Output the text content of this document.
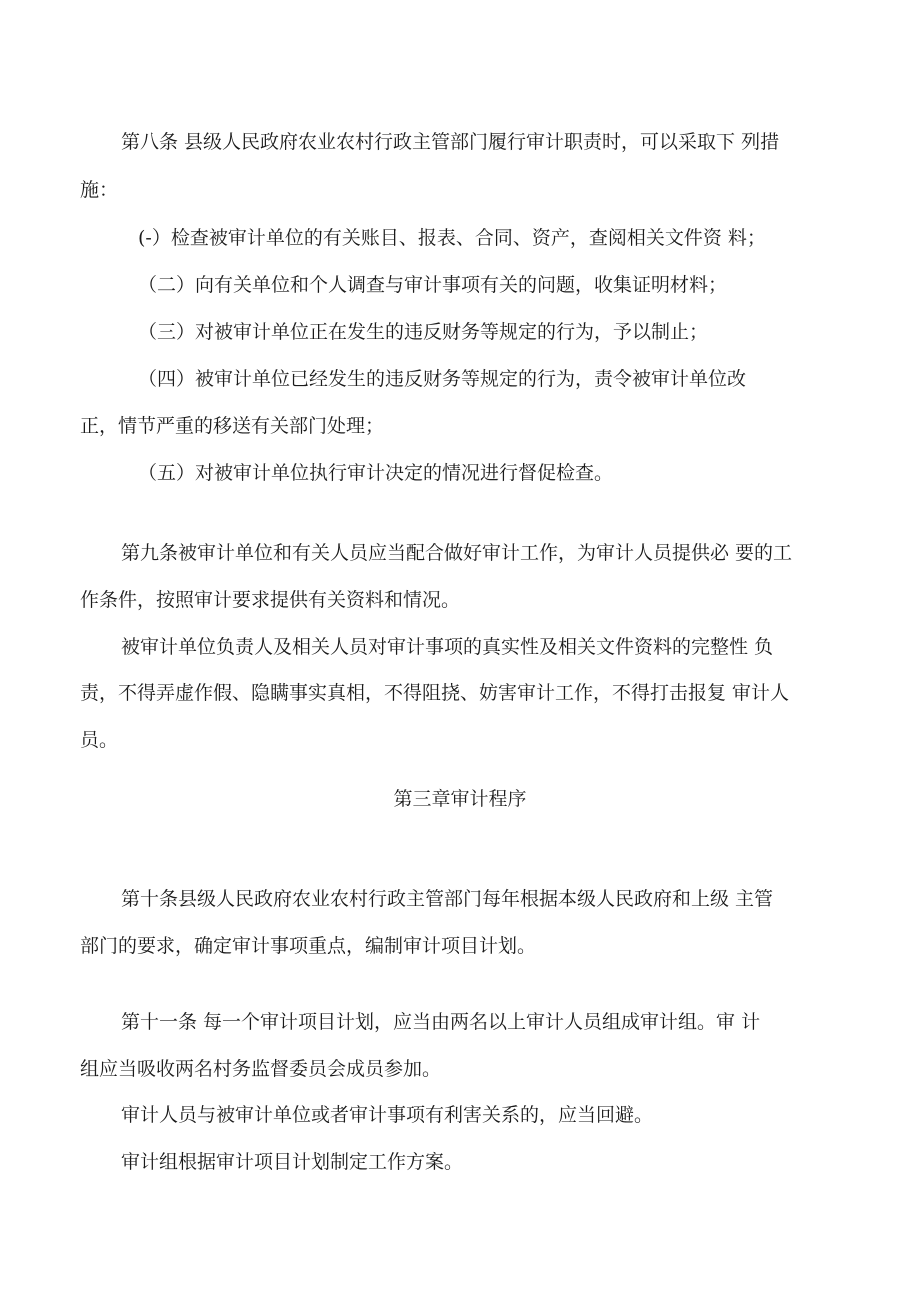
第八条 县级人民政府农业农村行政主管部门履行审计职责时，可以采取下 列措
施：
(-）检查被审计单位的有关账目、报表、合同、资产，查阅相关文件资 料；
（二）向有关单位和个人调查与审计事项有关的问题，收集证明材料；
（三）对被审计单位正在发生的违反财务等规定的行为，予以制止；
（四）被审计单位已经发生的违反财务等规定的行为，责令被审计单位改
正，情节严重的移送有关部门处理；
（五）对被审计单位执行审计决定的情况进行督促检查。
第九条被审计单位和有关人员应当配合做好审计工作，为审计人员提供必 要的工
作条件，按照审计要求提供有关资料和情况。
被审计单位负责人及相关人员对审计事项的真实性及相关文件资料的完整性 负
责，不得弄虚作假、隐瞒事实真相，不得阻挠、妨害审计工作，不得打击报复 审计人
员。
第三章审计程序
第十条县级人民政府农业农村行政主管部门每年根据本级人民政府和上级 主管
部门的要求，确定审计事项重点，编制审计项目计划。
第十一条 每一个审计项目计划，应当由两名以上审计人员组成审计组。审 计
组应当吸收两名村务监督委员会成员参加。
审计人员与被审计单位或者审计事项有利害关系的，应当回避。
审计组根据审计项目计划制定工作方案。
